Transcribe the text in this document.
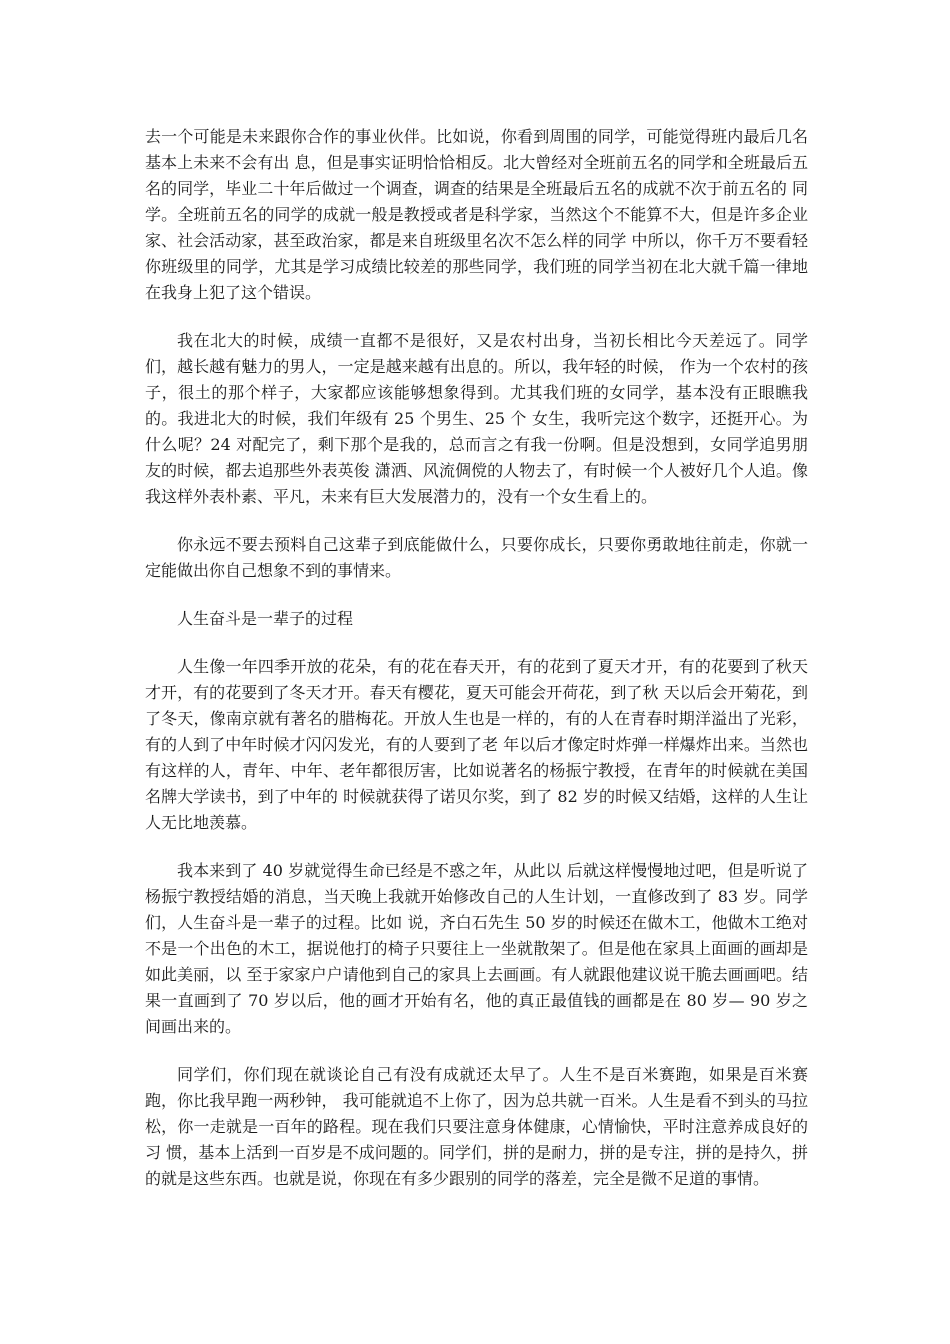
去一个可能是未来跟你合作的事业伙伴。比如说，你看到周围的同学，可能觉得班内最后几名基本上未来不会有出 息，但是事实证明恰恰相反。北大曾经对全班前五名的同学和全班最后五名的同学，毕业二十年后做过一个调查，调查的结果是全班最后五名的成就不次于前五名的 同学。全班前五名的同学的成就一般是教授或者是科学家，当然这个不能算不大，但是许多企业家、社会活动家，甚至政治家，都是来自班级里名次不怎么样的同学 中所以，你千万不要看轻你班级里的同学，尤其是学习成绩比较差的那些同学，我们班的同学当初在北大就千篇一律地在我身上犯了这个错误。

我在北大的时候，成绩一直都不是很好，又是农村出身，当初长相比今天差远了。同学们，越长越有魅力的男人，一定是越来越有出息的。所以，我年轻的时候， 作为一个农村的孩子，很土的那个样子，大家都应该能够想象得到。尤其我们班的女同学，基本没有正眼瞧我的。我进北大的时候，我们年级有 25 个男生、25 个 女生，我听完这个数字，还挺开心。为什么呢？24 对配完了，剩下那个是我的，总而言之有我一份啊。但是没想到，女同学追男朋友的时候，都去追那些外表英俊 潇洒、风流倜傥的人物去了，有时候一个人被好几个人追。像我这样外表朴素、平凡，未来有巨大发展潜力的，没有一个女生看上的。

你永远不要去预料自己这辈子到底能做什么，只要你成长，只要你勇敢地往前走，你就一定能做出你自己想象不到的事情来。

人生奋斗是一辈子的过程

人生像一年四季开放的花朵，有的花在春天开，有的花到了夏天才开，有的花要到了秋天才开，有的花要到了冬天才开。春天有樱花，夏天可能会开荷花，到了秋 天以后会开菊花，到了冬天，像南京就有著名的腊梅花。开放人生也是一样的，有的人在青春时期洋溢出了光彩，有的人到了中年时候才闪闪发光，有的人要到了老 年以后才像定时炸弹一样爆炸出来。当然也有这样的人，青年、中年、老年都很厉害，比如说著名的杨振宁教授，在青年的时候就在美国名牌大学读书，到了中年的 时候就获得了诺贝尔奖，到了 82 岁的时候又结婚，这样的人生让人无比地羡慕。

我本来到了 40 岁就觉得生命已经是不惑之年，从此以 后就这样慢慢地过吧，但是听说了杨振宁教授结婚的消息，当天晚上我就开始修改自己的人生计划，一直修改到了 83 岁。同学们，人生奋斗是一辈子的过程。比如 说，齐白石先生 50 岁的时候还在做木工，他做木工绝对不是一个出色的木工，据说他打的椅子只要往上一坐就散架了。但是他在家具上面画的画却是如此美丽，以 至于家家户户请他到自己的家具上去画画。有人就跟他建议说干脆去画画吧。结果一直画到了 70 岁以后，他的画才开始有名，他的真正最值钱的画都是在 80 岁— 90 岁之间画出来的。

同学们，你们现在就谈论自己有没有成就还太早了。人生不是百米赛跑，如果是百米赛跑，你比我早跑一两秒钟， 我可能就追不上你了，因为总共就一百米。人生是看不到头的马拉松，你一走就是一百年的路程。现在我们只要注意身体健康，心情愉快，平时注意养成良好的习 惯，基本上活到一百岁是不成问题的。同学们，拼的是耐力，拼的是专注，拼的是持久，拼的就是这些东西。也就是说，你现在有多少跟别的同学的落差，完全是微不足道的事情。
